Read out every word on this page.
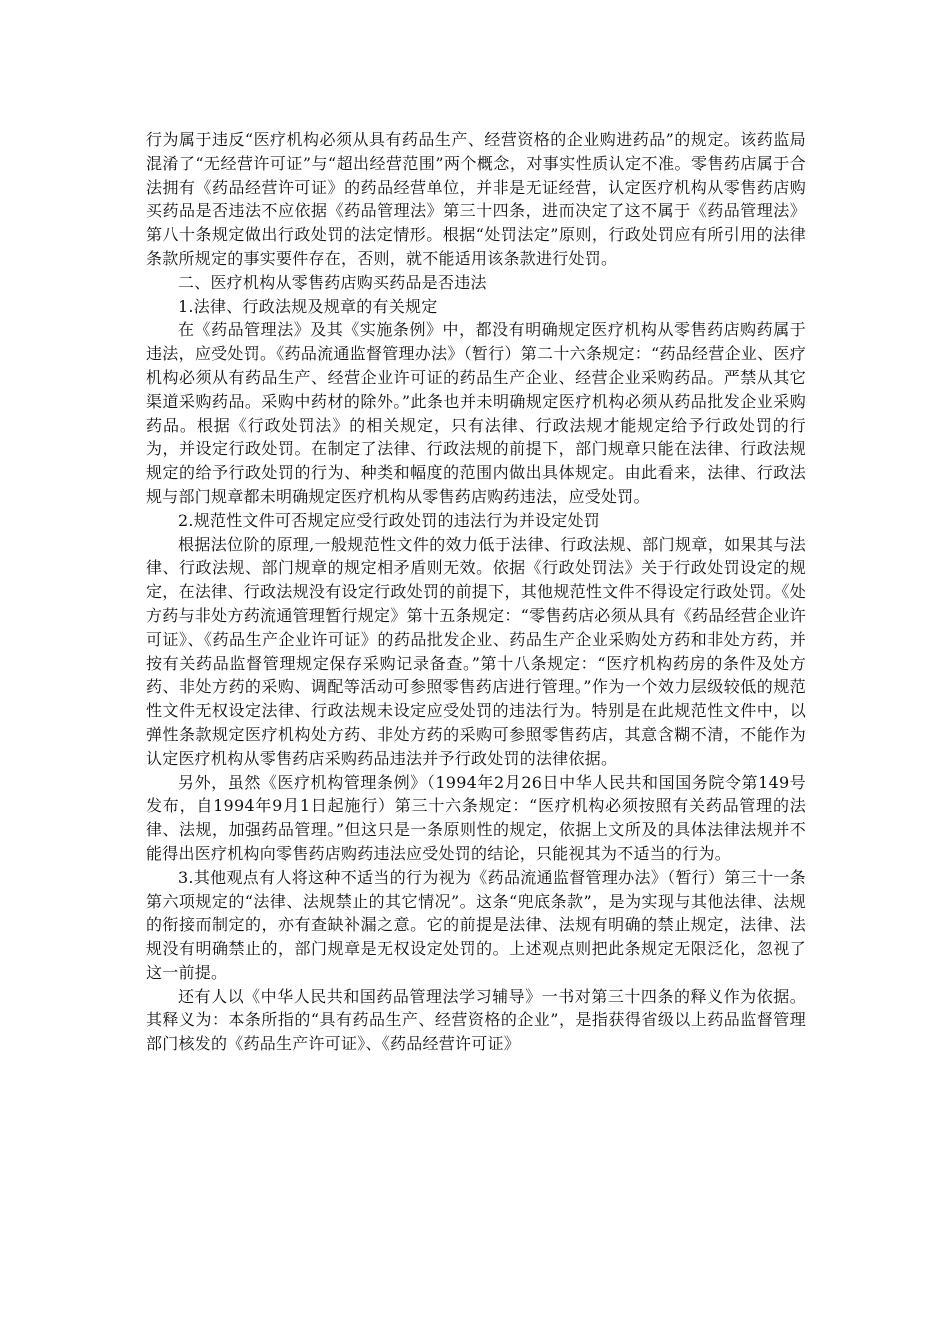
行为属于违反“医疗机构必须从具有药品生产、经营资格的企业购进药品”的规定。该药监局混淆了“无经营许可证”与“超出经营范围”两个概念，对事实性质认定不准。零售药店属于合法拥有《药品经营许可证》的药品经营单位，并非是无证经营，认定医疗机构从零售药店购买药品是否违法不应依据《药品管理法》第三十四条，进而决定了这不属于《药品管理法》第八十条规定做出行政处罚的法定情形。根据“处罚法定”原则，行政处罚应有所引用的法律条款所规定的事实要件存在，否则，就不能适用该条款进行处罚。

二、医疗机构从零售药店购买药品是否违法

1.法律、行政法规及规章的有关规定

在《药品管理法》及其《实施条例》中，都没有明确规定医疗机构从零售药店购药属于违法，应受处罚。《药品流通监督管理办法》（暂行）第二十六条规定：“药品经营企业、医疗机构必须从有药品生产、经营企业许可证的药品生产企业、经营企业采购药品。严禁从其它渠道采购药品。采购中药材的除外。”此条也并未明确规定医疗机构必须从药品批发企业采购药品。根据《行政处罚法》的相关规定，只有法律、行政法规才能规定给予行政处罚的行为，并设定行政处罚。在制定了法律、行政法规的前提下，部门规章只能在法律、行政法规规定的给予行政处罚的行为、种类和幅度的范围内做出具体规定。由此看来，法律、行政法规与部门规章都未明确规定医疗机构从零售药店购药违法，应受处罚。

2.规范性文件可否规定应受行政处罚的违法行为并设定处罚

根据法位阶的原理,一般规范性文件的效力低于法律、行政法规、部门规章，如果其与法律、行政法规、部门规章的规定相矛盾则无效。依据《行政处罚法》关于行政处罚设定的规定，在法律、行政法规没有设定行政处罚的前提下，其他规范性文件不得设定行政处罚。《处方药与非处方药流通管理暂行规定》第十五条规定：“零售药店必须从具有《药品经营企业许可证》、《药品生产企业许可证》的药品批发企业、药品生产企业采购处方药和非处方药，并按有关药品监督管理规定保存采购记录备查。”第十八条规定：“医疗机构药房的条件及处方药、非处方药的采购、调配等活动可参照零售药店进行管理。”作为一个效力层级较低的规范性文件无权设定法律、行政法规未设定应受处罚的违法行为。特别是在此规范性文件中，以弹性条款规定医疗机构处方药、非处方药的采购可参照零售药店，其意含糊不清，不能作为认定医疗机构从零售药店采购药品违法并予行政处罚的法律依据。

另外，虽然《医疗机构管理条例》（1994年2月26日中华人民共和国国务院令第149号发布，自1994年9月1日起施行）第三十六条规定：“医疗机构必须按照有关药品管理的法律、法规，加强药品管理。”但这只是一条原则性的规定，依据上文所及的具体法律法规并不能得出医疗机构向零售药店购药违法应受处罚的结论，只能视其为不适当的行为。

3.其他观点有人将这种不适当的行为视为《药品流通监督管理办法》（暂行）第三十一条第六项规定的“法律、法规禁止的其它情况”。这条“兜底条款”，是为实现与其他法律、法规的衔接而制定的，亦有查缺补漏之意。它的前提是法律、法规有明确的禁止规定，法律、法规没有明确禁止的，部门规章是无权设定处罚的。上述观点则把此条规定无限泛化，忽视了这一前提。

还有人以《中华人民共和国药品管理法学习辅导》一书对第三十四条的释义作为依据。其释义为：本条所指的“具有药品生产、经营资格的企业”，是指获得省级以上药品监督管理部门核发的《药品生产许可证》、《药品经营许可证》
